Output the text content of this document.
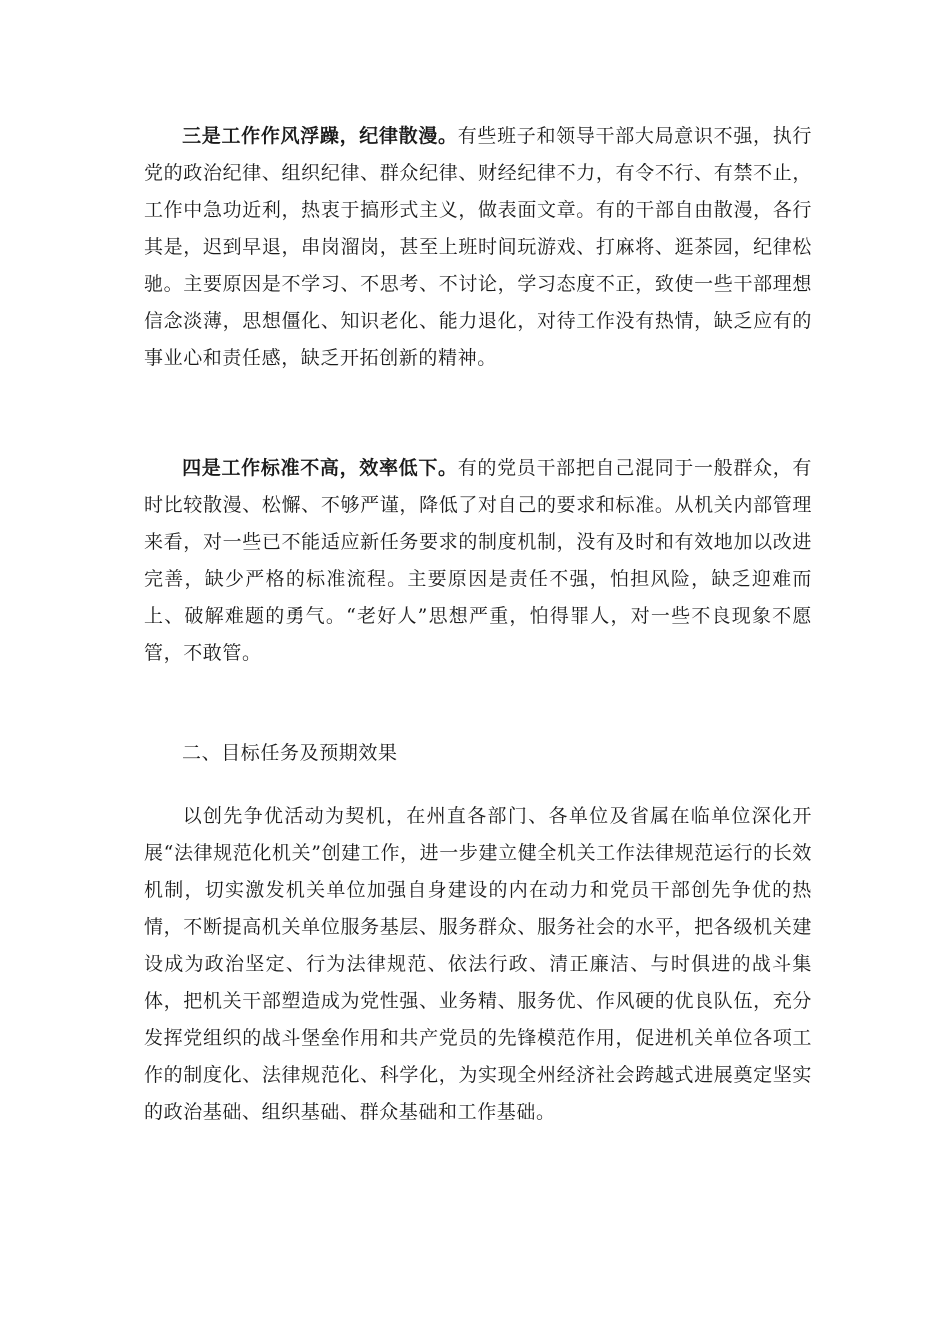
三是工作作风浮躁，纪律散漫。有些班子和领导干部大局意识不强，执行党的政治纪律、组织纪律、群众纪律、财经纪律不力，有令不行、有禁不止，工作中急功近利，热衷于搞形式主义，做表面文章。有的干部自由散漫，各行其是，迟到早退，串岗溜岗，甚至上班时间玩游戏、打麻将、逛茶园，纪律松驰。主要原因是不学习、不思考、不讨论，学习态度不正，致使一些干部理想信念淡薄，思想僵化、知识老化、能力退化，对待工作没有热情，缺乏应有的事业心和责任感，缺乏开拓创新的精神。

四是工作标准不高，效率低下。有的党员干部把自己混同于一般群众，有时比较散漫、松懈、不够严谨，降低了对自己的要求和标准。从机关内部管理来看，对一些已不能适应新任务要求的制度机制，没有及时和有效地加以改进完善，缺少严格的标准流程。主要原因是责任不强，怕担风险，缺乏迎难而上、破解难题的勇气。“老好人”思想严重，怕得罪人，对一些不良现象不愿管，不敢管。

二、目标任务及预期效果

以创先争优活动为契机，在州直各部门、各单位及省属在临单位深化开展“法律规范化机关”创建工作，进一步建立健全机关工作法律规范运行的长效机制，切实激发机关单位加强自身建设的内在动力和党员干部创先争优的热情，不断提高机关单位服务基层、服务群众、服务社会的水平，把各级机关建设成为政治坚定、行为法律规范、依法行政、清正廉洁、与时俱进的战斗集体，把机关干部塑造成为党性强、业务精、服务优、作风硬的优良队伍，充分发挥党组织的战斗堡垒作用和共产党员的先锋模范作用，促进机关单位各项工作的制度化、法律规范化、科学化，为实现全州经济社会跨越式进展奠定坚实的政治基础、组织基础、群众基础和工作基础。
